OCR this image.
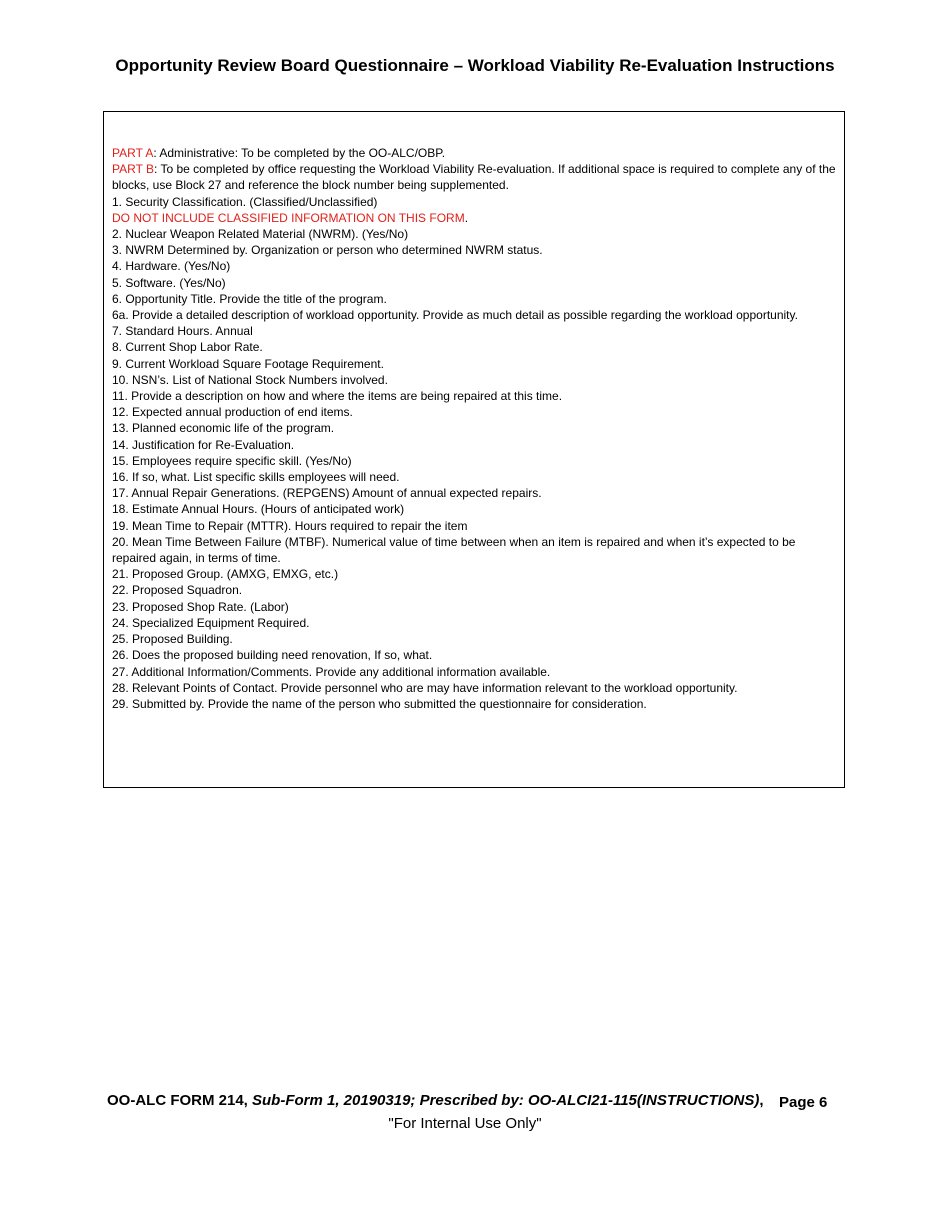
Opportunity Review Board Questionnaire – Workload Viability Re-Evaluation Instructions

PART A: Administrative: To be completed by the OO-ALC/OBP.

PART B: To be completed by office requesting the Workload Viability Re-evaluation. If additional space is required to complete any of the blocks, use Block 27 and reference the block number being supplemented.

1. Security Classification. (Classified/Unclassified)

DO NOT INCLUDE CLASSIFIED INFORMATION ON THIS FORM.

2. Nuclear Weapon Related Material (NWRM). (Yes/No)

3. NWRM Determined by. Organization or person who determined NWRM status.

4. Hardware. (Yes/No)

5. Software. (Yes/No)

6. Opportunity Title. Provide the title of the program.

6a. Provide a detailed description of workload opportunity. Provide as much detail as possible regarding the workload opportunity.

7. Standard Hours. Annual

8. Current Shop Labor Rate.

9. Current Workload Square Footage Requirement.

10. NSN’s. List of National Stock Numbers involved.

11. Provide a description on how and where the items are being repaired at this time.

12. Expected annual production of end items.

13. Planned economic life of the program.

14. Justification for Re-Evaluation.

15. Employees require specific skill. (Yes/No)

16. If so, what. List specific skills employees will need.

17. Annual Repair Generations. (REPGENS) Amount of annual expected repairs.

18. Estimate Annual Hours. (Hours of anticipated work)

19. Mean Time to Repair (MTTR). Hours required to repair the item

20. Mean Time Between Failure (MTBF). Numerical value of time between when an item is repaired and when it’s expected to be repaired again, in terms of time.

21. Proposed Group. (AMXG, EMXG, etc.)

22. Proposed Squadron.

23. Proposed Shop Rate. (Labor)

24. Specialized Equipment Required.

25. Proposed Building.

26. Does the proposed building need renovation, If so, what.

27. Additional Information/Comments. Provide any additional information available.

28. Relevant Points of Contact. Provide personnel who are may have information relevant to the workload opportunity.

29. Submitted by. Provide the name of the person who submitted the questionnaire for consideration.

OO-ALC FORM 214, Sub-Form 1, 20190319; Prescribed by: OO-ALCI21-115(INSTRUCTIONS), Page 6
"For Internal Use Only"
